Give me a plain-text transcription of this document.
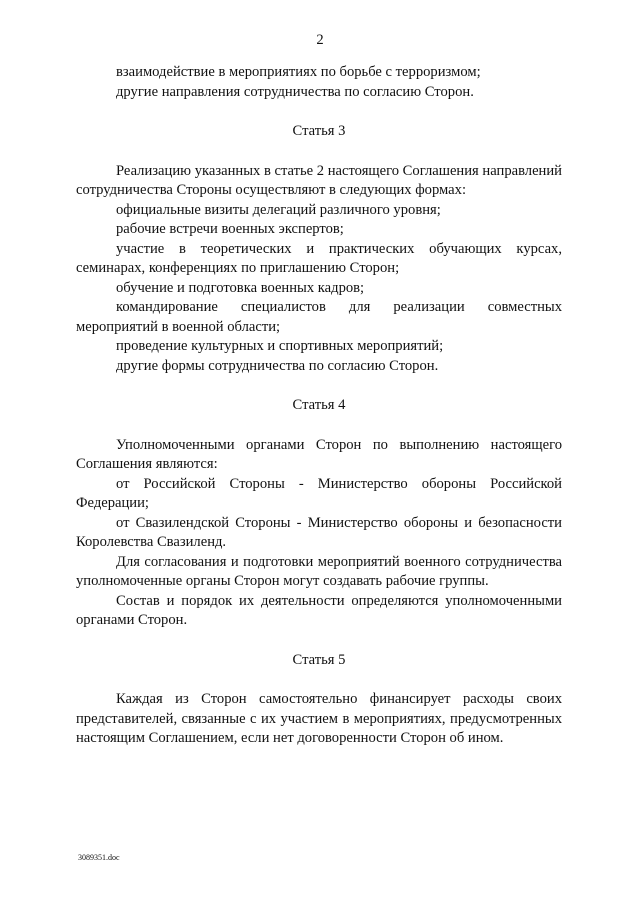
2

взаимодействие в мероприятиях по борьбе с терроризмом;

другие направления сотрудничества по согласию Сторон.

Статья 3

Реализацию указанных в статье 2 настоящего Соглашения направлений сотрудничества Стороны осуществляют в следующих формах:

официальные визиты делегаций различного уровня;

рабочие встречи военных экспертов;

участие в теоретических и практических обучающих курсах, семинарах, конференциях по приглашению Сторон;

обучение и подготовка военных кадров;

командирование специалистов для реализации совместных мероприятий в военной области;

проведение культурных и спортивных мероприятий;

другие формы сотрудничества по согласию Сторон.

Статья 4

Уполномоченными органами Сторон по выполнению настоящего Соглашения являются:

от Российской Стороны - Министерство обороны Российской Федерации;

от Свазилендской Стороны - Министерство обороны и безопасности Королевства Свазиленд.

Для согласования и подготовки мероприятий военного сотрудничества уполномоченные органы Сторон могут создавать рабочие группы.

Состав и порядок их деятельности определяются уполномоченными органами Сторон.

Статья 5

Каждая из Сторон самостоятельно финансирует расходы своих представителей, связанные с их участием в мероприятиях, предусмотренных настоящим Соглашением, если нет договоренности Сторон об ином.

3089351.doc
